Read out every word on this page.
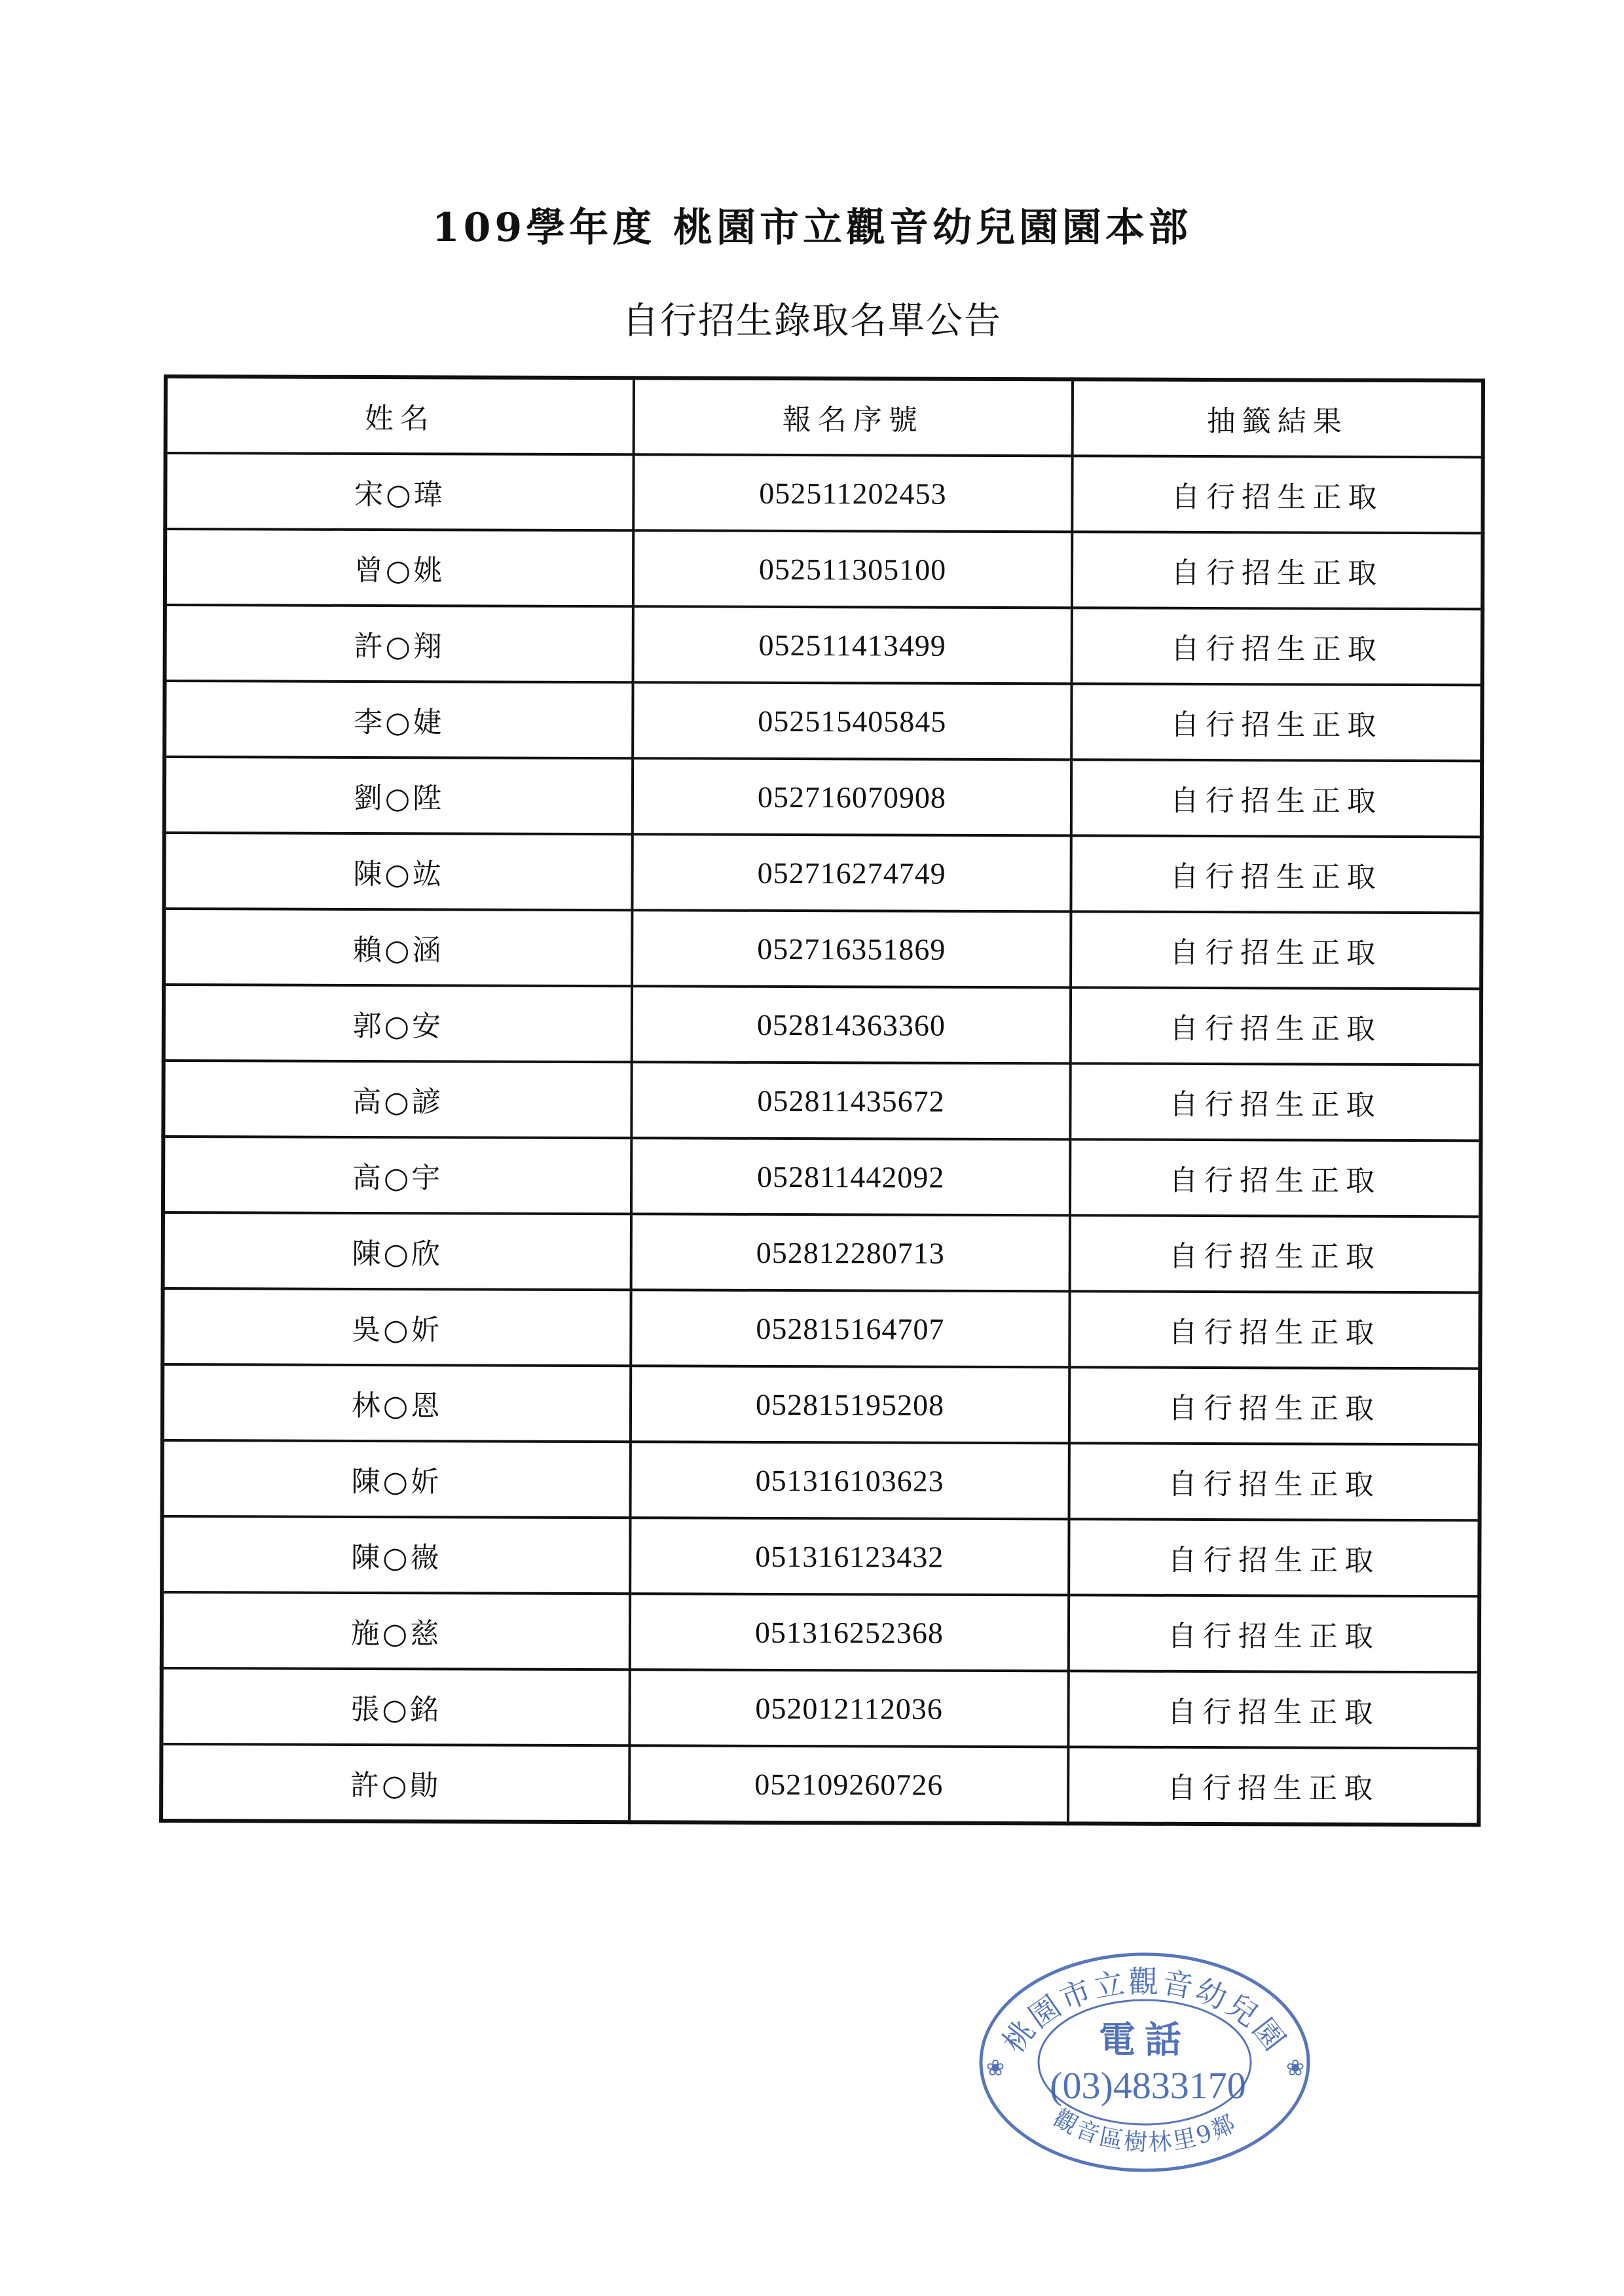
109學年度 桃園市立觀音幼兒園園本部
自行招生錄取名單公告
姓名	報名序號	抽籤結果
宋○瑋	052511202453	自行招生正取
曾○姚	052511305100	自行招生正取
許○翔	052511413499	自行招生正取
李○婕	052515405845	自行招生正取
劉○陞	052716070908	自行招生正取
陳○竑	052716274749	自行招生正取
賴○涵	052716351869	自行招生正取
郭○安	052814363360	自行招生正取
高○諺	052811435672	自行招生正取
高○宇	052811442092	自行招生正取
陳○欣	052812280713	自行招生正取
吳○妡	052815164707	自行招生正取
林○恩	052815195208	自行招生正取
陳○妡	051316103623	自行招生正取
陳○嶶	051316123432	自行招生正取
施○慈	051316252368	自行招生正取
張○銘	052012112036	自行招生正取
許○勛	052109260726	自行招生正取
桃園市立觀音幼兒園
觀音區樹林里9鄰
電話
(03)4833170
❀	❀
